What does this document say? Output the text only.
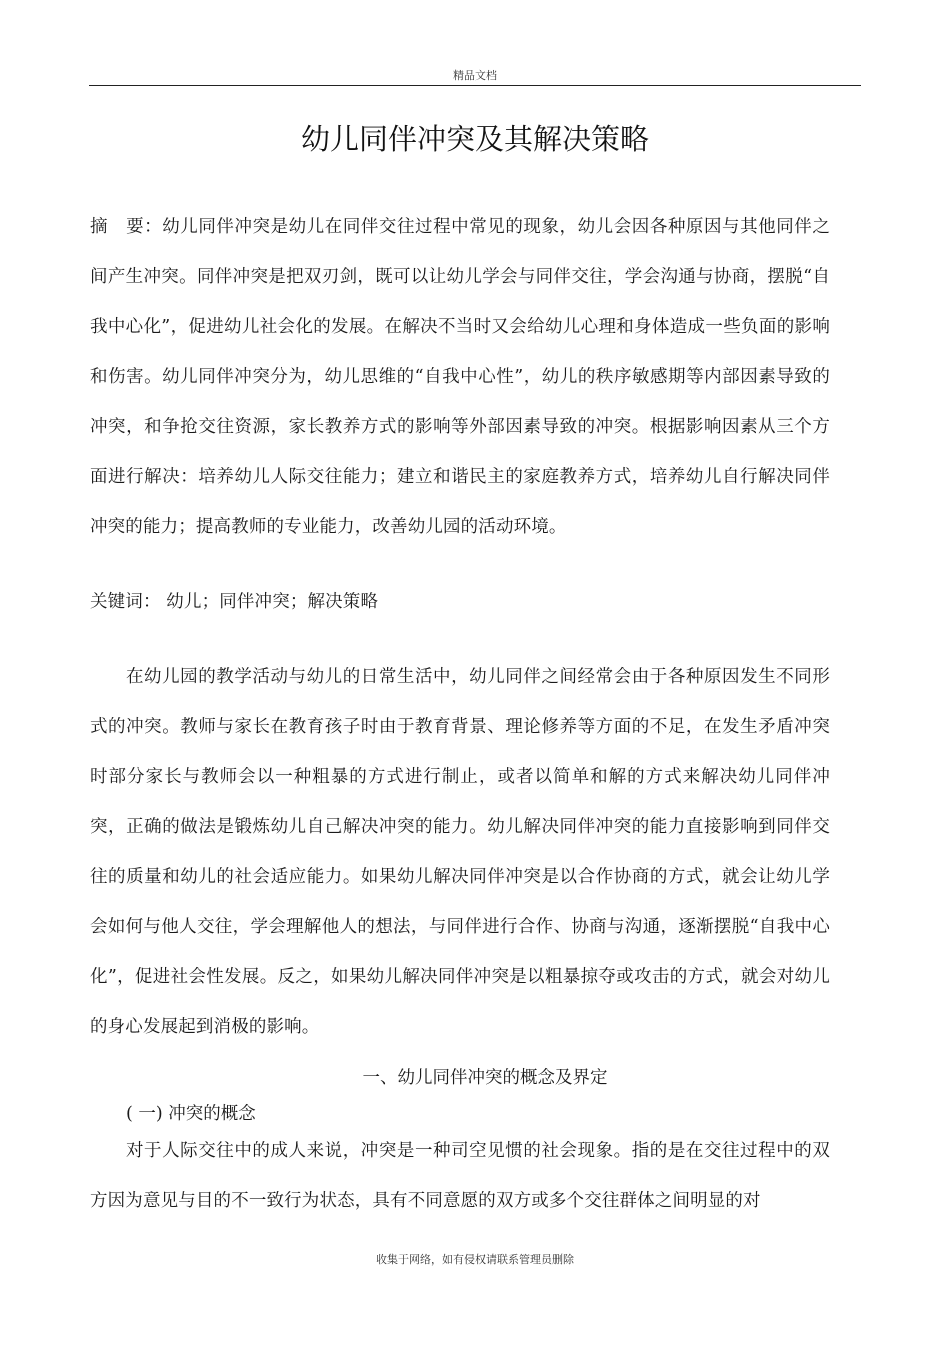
精品文档
幼儿同伴冲突及其解决策略

摘　要：幼儿同伴冲突是幼儿在同伴交往过程中常见的现象，幼儿会因各种原因与其他同伴之间产生冲突。同伴冲突是把双刃剑，既可以让幼儿学会与同伴交往，学会沟通与协商，摆脱“自我中心化”，促进幼儿社会化的发展。在解决不当时又会给幼儿心理和身体造成一些负面的影响和伤害。幼儿同伴冲突分为，幼儿思维的“自我中心性”，幼儿的秩序敏感期等内部因素导致的冲突，和争抢交往资源，家长教养方式的影响等外部因素导致的冲突。根据影响因素从三个方面进行解决：培养幼儿人际交往能力；建立和谐民主的家庭教养方式，培养幼儿自行解决同伴冲突的能力；提高教师的专业能力，改善幼儿园的活动环境。

关键词： 幼儿；同伴冲突；解决策略

在幼儿园的教学活动与幼儿的日常生活中，幼儿同伴之间经常会由于各种原因发生不同形式的冲突。教师与家长在教育孩子时由于教育背景、理论修养等方面的不足，在发生矛盾冲突时部分家长与教师会以一种粗暴的方式进行制止，或者以简单和解的方式来解决幼儿同伴冲突，正确的做法是锻炼幼儿自己解决冲突的能力。幼儿解决同伴冲突的能力直接影响到同伴交往的质量和幼儿的社会适应能力。如果幼儿解决同伴冲突是以合作协商的方式，就会让幼儿学会如何与他人交往，学会理解他人的想法，与同伴进行合作、协商与沟通，逐渐摆脱“自我中心化”，促进社会性发展。反之，如果幼儿解决同伴冲突是以粗暴掠夺或攻击的方式，就会对幼儿的身心发展起到消极的影响。

一、幼儿同伴冲突的概念及界定

( 一) 冲突的概念

对于人际交往中的成人来说，冲突是一种司空见惯的社会现象。指的是在交往过程中的双方因为意见与目的不一致行为状态，具有不同意愿的双方或多个交往群体之间明显的对

收集于网络，如有侵权请联系管理员删除
